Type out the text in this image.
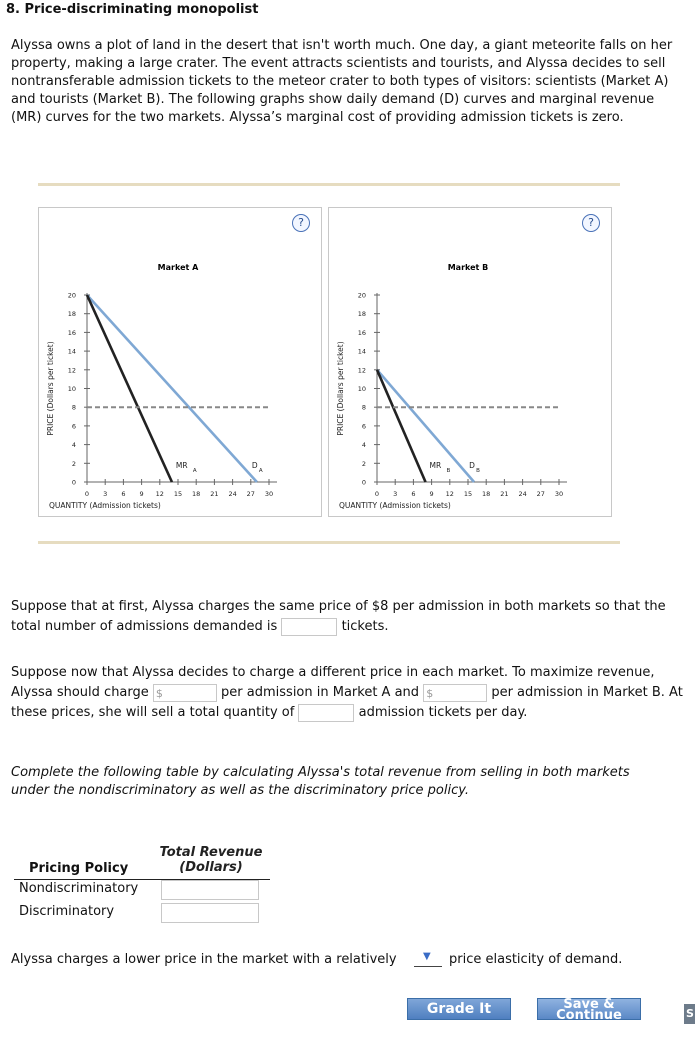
8. Price-discriminating monopolist
Alyssa owns a plot of land in the desert that isn't worth much. One day, a giant meteorite falls on her property, making a large crater. The event attracts scientists and tourists, and Alyssa decides to sell nontransferable admission tickets to the meteor crater to both types of visitors: scientists (Market A) and tourists (Market B). The following graphs show daily demand (D) curves and marginal revenue (MR) curves for the two markets. Alyssa’s marginal cost of providing admission tickets is zero.
?
Market A
0
2
4
6
8
10
12
14
16
18
20
0 3 6 9 12 15 18 21 24 27 30
QUANTITY (Admission tickets)
PRICE (Dollars per ticket)
D
A
MR
A
?
Market B
0
2
4
6
8
10
12
14
16
18
20
0 3 6 9 12 15 18 21 24 27 30
QUANTITY (Admission tickets)
PRICE (Dollars per ticket)
D
B
MR
B
Suppose that at first, Alyssa charges the same price of $8 per admission in both markets so that the total number of admissions demanded is	tickets.
Suppose now that Alyssa decides to charge a different price in each market. To maximize revenue, Alyssa should charge $	per admission in Market A and $	per admission in Market B. At these prices, she will sell a total quantity of	admission tickets per day.
Complete the following table by calculating Alyssa's total revenue from selling in both markets under the nondiscriminatory as well as the discriminatory price policy.
Total Revenue
(Dollars)
Pricing Policy
Nondiscriminatory
Discriminatory
Alyssa charges a lower price in the market with a relatively	▼ price elasticity of demand.
Grade It Now
Save &
Continue	S
